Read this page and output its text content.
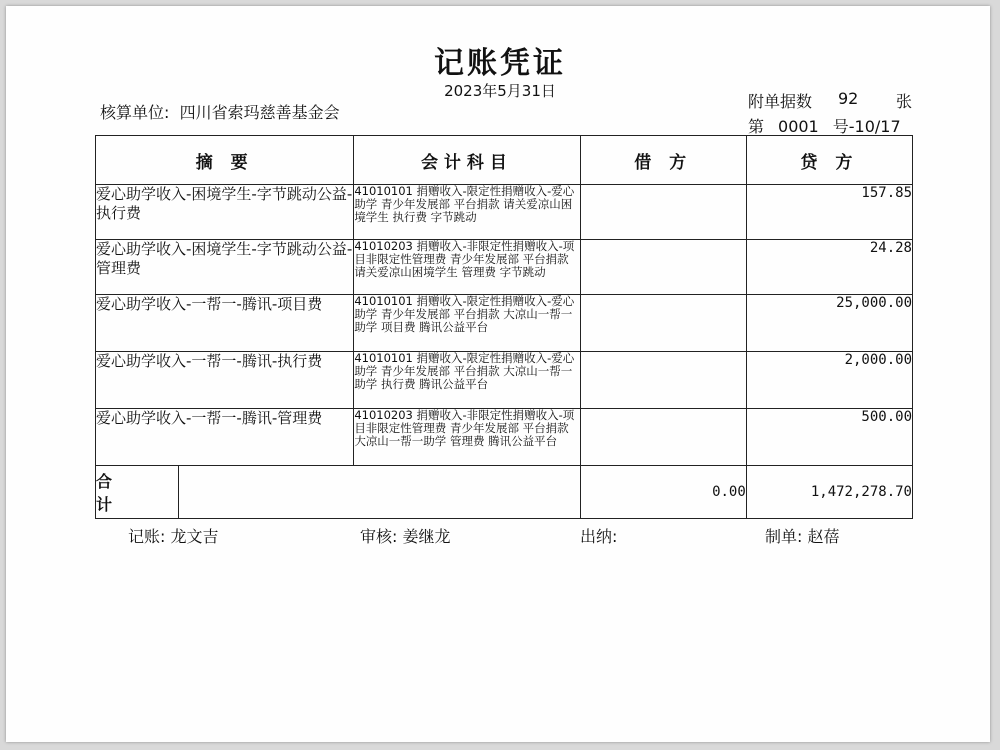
记账凭证
2023年5月31日
核算单位: 四川省索玛慈善基金会
附单据数 92 张
第 0001 号-10/17
摘 要	会计科目	借 方	贷 方
爱心助学收入-困境学生-字节跳动公益-执行费	41010101 捐赠收入-限定性捐赠收入-爱心助学 青少年发展部 平台捐款 请关爱凉山困境学生 执行费 字节跳动		157.85
爱心助学收入-困境学生-字节跳动公益-管理费	41010203 捐赠收入-非限定性捐赠收入-项目非限定性管理费 青少年发展部 平台捐款 请关爱凉山困境学生 管理费 字节跳动		24.28
爱心助学收入-一帮一-腾讯-项目费	41010101 捐赠收入-限定性捐赠收入-爱心助学 青少年发展部 平台捐款 大凉山一帮一助学 项目费 腾讯公益平台		25,000.00
爱心助学收入-一帮一-腾讯-执行费	41010101 捐赠收入-限定性捐赠收入-爱心助学 青少年发展部 平台捐款 大凉山一帮一助学 执行费 腾讯公益平台		2,000.00
爱心助学收入-一帮一-腾讯-管理费	41010203 捐赠收入-非限定性捐赠收入-项目非限定性管理费 青少年发展部 平台捐款 大凉山一帮一助学 管理费 腾讯公益平台		500.00

合 计		0.00	1,472,278.70
记账: 龙文吉	审核: 姜继龙	出纳:	制单: 赵蓓
